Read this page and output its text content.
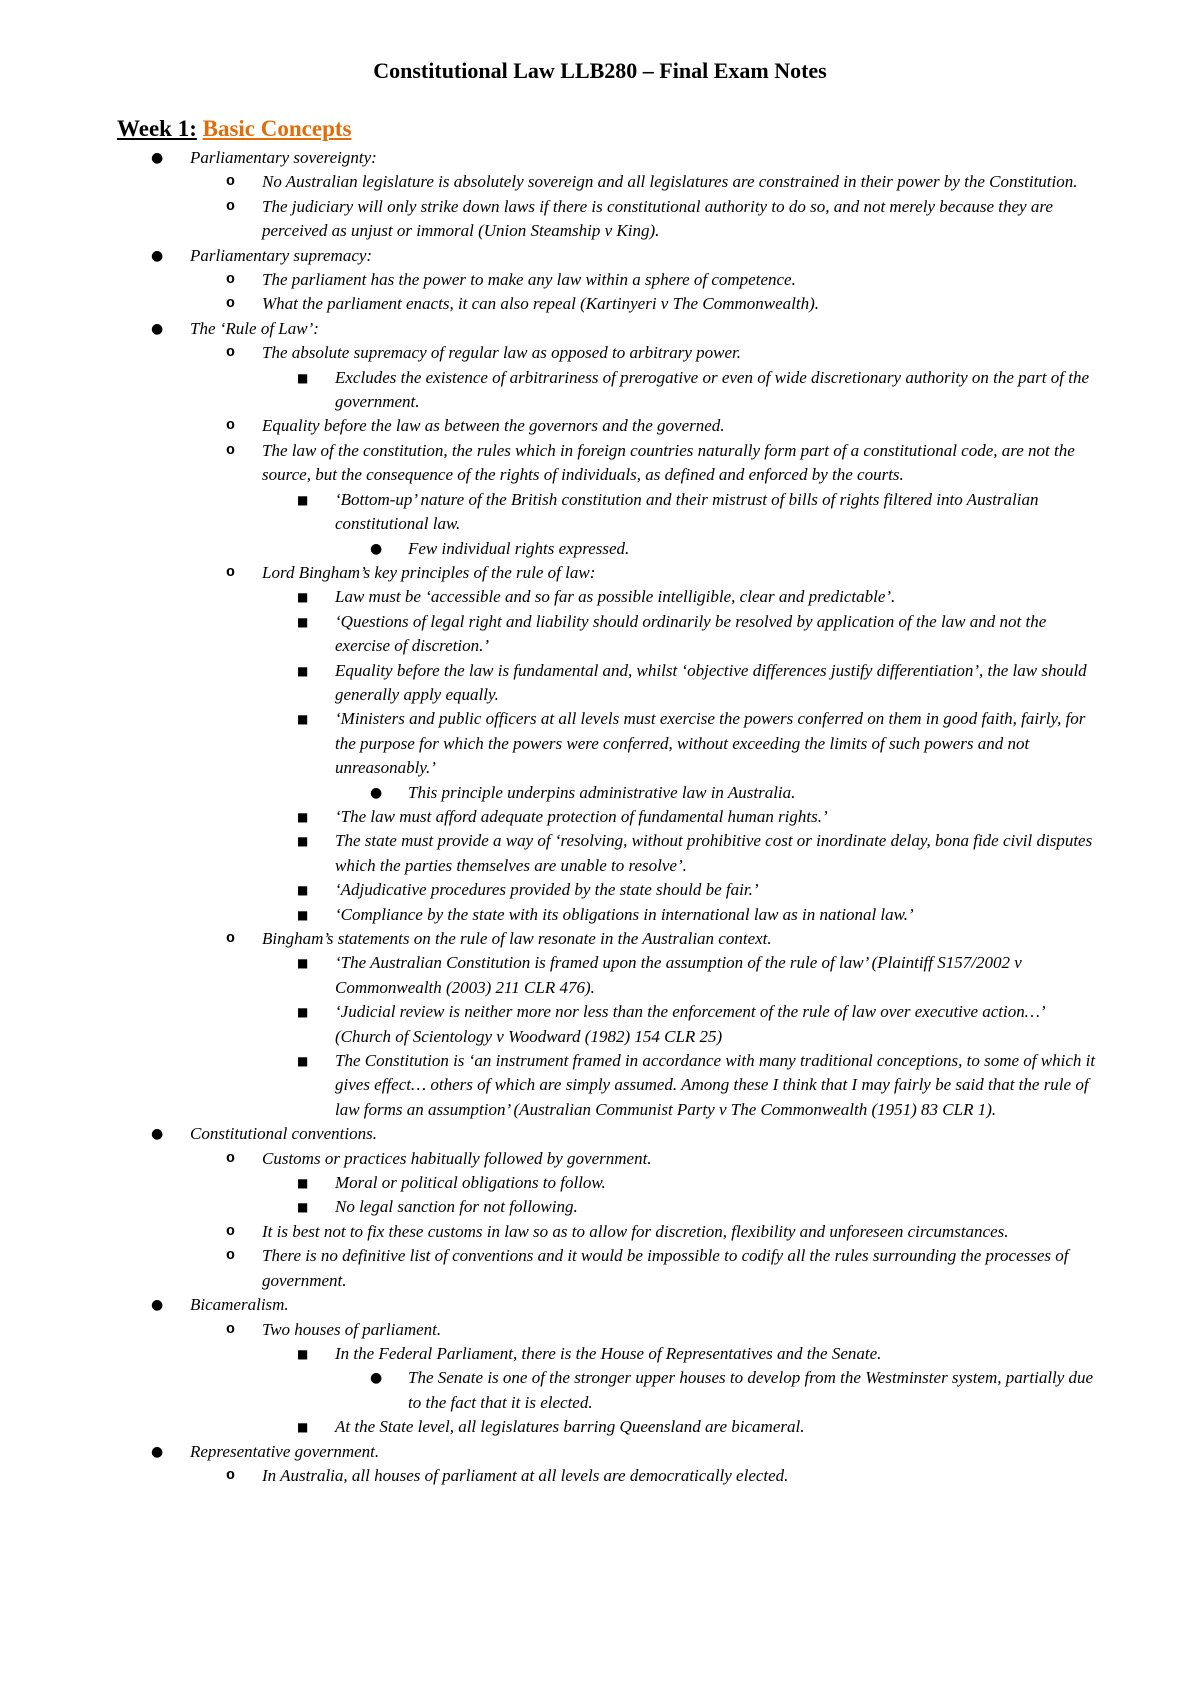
Constitutional Law LLB280 – Final Exam Notes
Week 1: Basic Concepts
● Parliamentary sovereignty:
o No Australian legislature is absolutely sovereign and all legislatures are constrained in their power by the Constitution.
o The judiciary will only strike down laws if there is constitutional authority to do so, and not merely because they are perceived as unjust or immoral (Union Steamship v King).
● Parliamentary supremacy:
o The parliament has the power to make any law within a sphere of competence.
o What the parliament enacts, it can also repeal (Kartinyeri v The Commonwealth).
● The ‘Rule of Law’:
o The absolute supremacy of regular law as opposed to arbitrary power.
■ Excludes the existence of arbitrariness of prerogative or even of wide discretionary authority on the part of the government.
o Equality before the law as between the governors and the governed.
o The law of the constitution, the rules which in foreign countries naturally form part of a constitutional code, are not the source, but the consequence of the rights of individuals, as defined and enforced by the courts.
■ ‘Bottom-up’ nature of the British constitution and their mistrust of bills of rights filtered into Australian constitutional law.
● Few individual rights expressed.
o Lord Bingham’s key principles of the rule of law:
■ Law must be ‘accessible and so far as possible intelligible, clear and predictable’.
■ ‘Questions of legal right and liability should ordinarily be resolved by application of the law and not the exercise of discretion.’
■ Equality before the law is fundamental and, whilst ‘objective differences justify differentiation’, the law should generally apply equally.
■ ‘Ministers and public officers at all levels must exercise the powers conferred on them in good faith, fairly, for the purpose for which the powers were conferred, without exceeding the limits of such powers and not unreasonably.’
● This principle underpins administrative law in Australia.
■ ‘The law must afford adequate protection of fundamental human rights.’
■ The state must provide a way of ‘resolving, without prohibitive cost or inordinate delay, bona fide civil disputes which the parties themselves are unable to resolve’.
■ ‘Adjudicative procedures provided by the state should be fair.’
■ ‘Compliance by the state with its obligations in international law as in national law.’
o Bingham’s statements on the rule of law resonate in the Australian context.
■ ‘The Australian Constitution is framed upon the assumption of the rule of law’ (Plaintiff S157/2002 v Commonwealth (2003) 211 CLR 476).
■ ‘Judicial review is neither more nor less than the enforcement of the rule of law over executive action…’ (Church of Scientology v Woodward (1982) 154 CLR 25)
■ The Constitution is ‘an instrument framed in accordance with many traditional conceptions, to some of which it gives effect… others of which are simply assumed. Among these I think that I may fairly be said that the rule of law forms an assumption’ (Australian Communist Party v The Commonwealth (1951) 83 CLR 1).
● Constitutional conventions.
o Customs or practices habitually followed by government.
■ Moral or political obligations to follow.
■ No legal sanction for not following.
o It is best not to fix these customs in law so as to allow for discretion, flexibility and unforeseen circumstances.
o There is no definitive list of conventions and it would be impossible to codify all the rules surrounding the processes of government.
● Bicameralism.
o Two houses of parliament.
■ In the Federal Parliament, there is the House of Representatives and the Senate.
● The Senate is one of the stronger upper houses to develop from the Westminster system, partially due to the fact that it is elected.
■ At the State level, all legislatures barring Queensland are bicameral.
● Representative government.
o In Australia, all houses of parliament at all levels are democratically elected.
